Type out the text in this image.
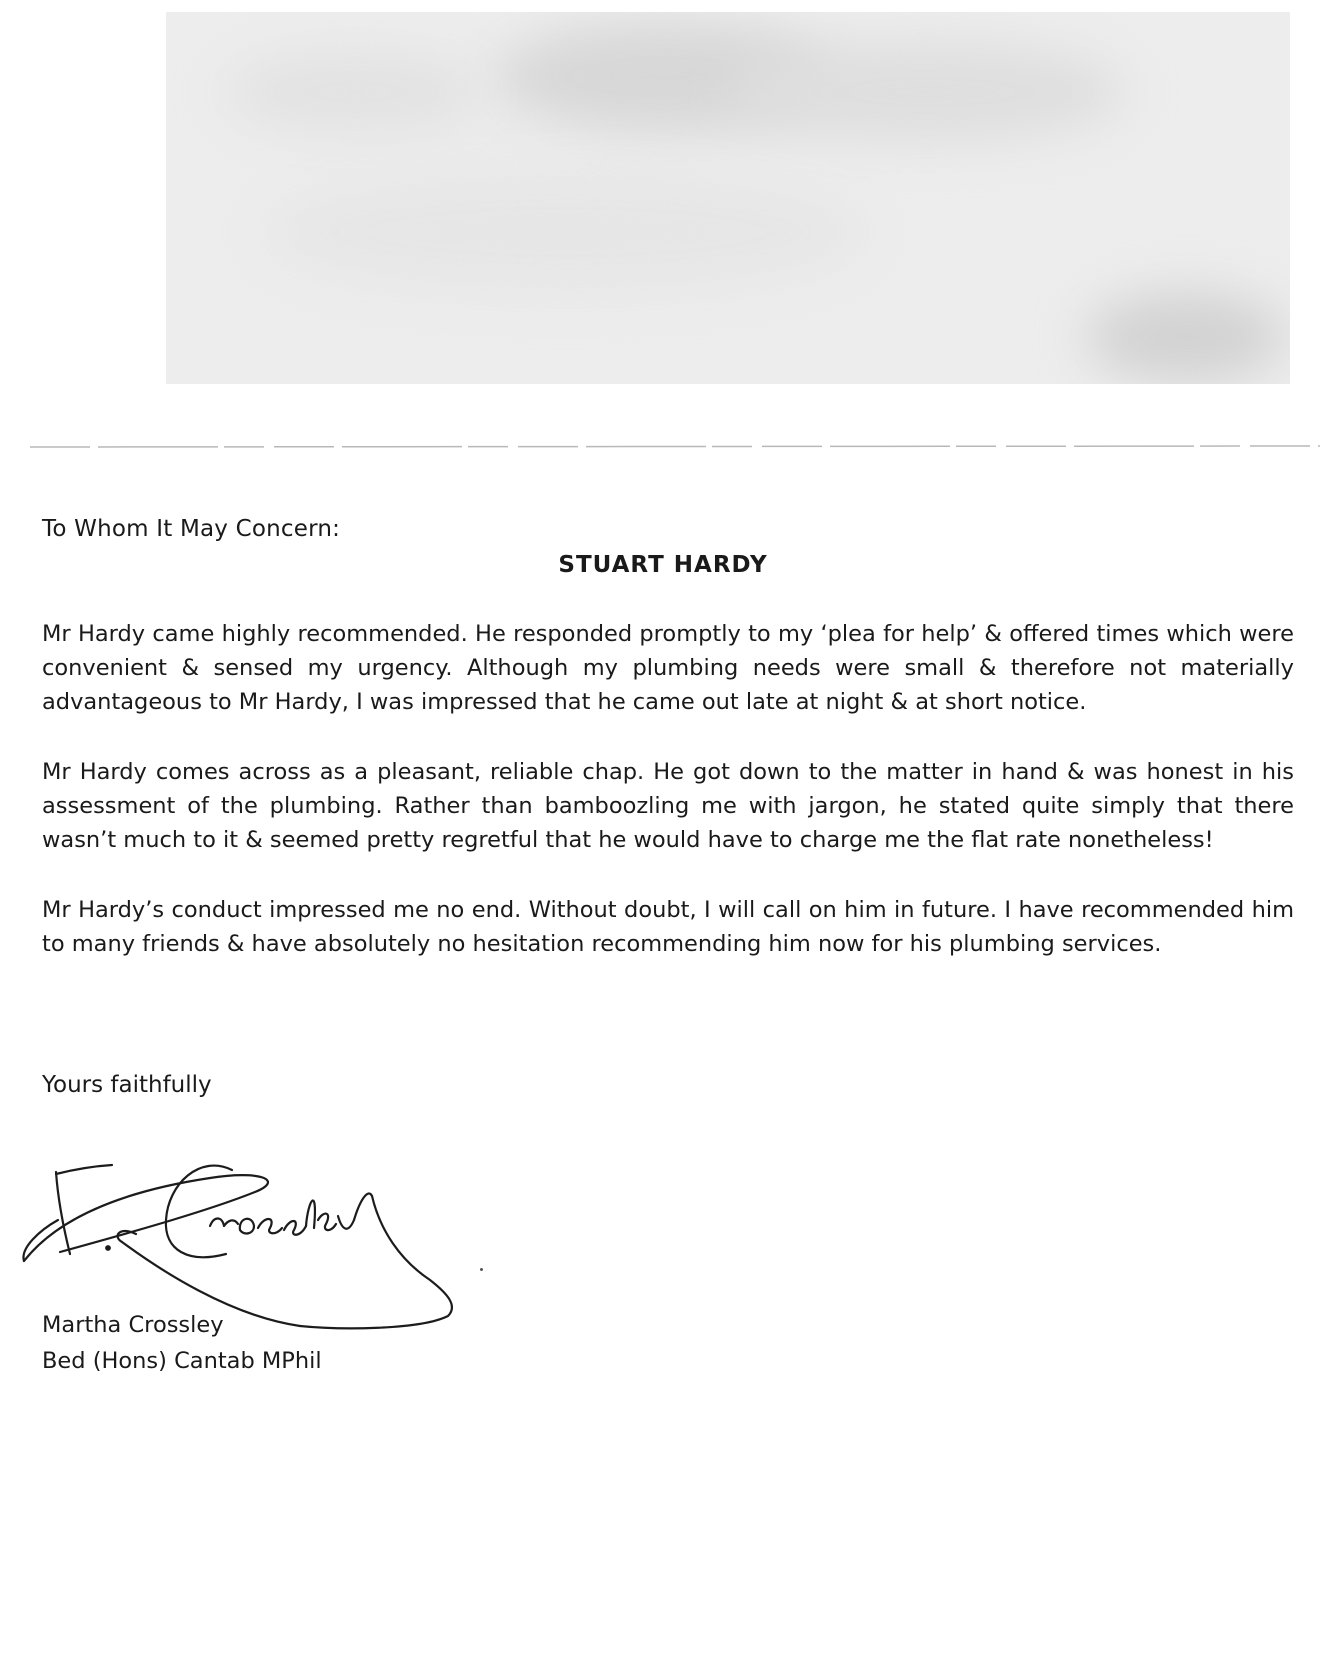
To Whom It May Concern:
STUART HARDY
Mr Hardy came highly recommended. He responded promptly to my ‘plea for help’ & offered times which were convenient & sensed my urgency. Although my plumbing needs were small & therefore not materially advantageous to Mr Hardy, I was impressed that he came out late at night & at short notice.
Mr Hardy comes across as a pleasant, reliable chap. He got down to the matter in hand & was honest in his assessment of the plumbing. Rather than bamboozling me with jargon, he stated quite simply that there wasn’t much to it & seemed pretty regretful that he would have to charge me the flat rate nonetheless!
Mr Hardy’s conduct impressed me no end. Without doubt, I will call on him in future. I have recommended him to many friends & have absolutely no hesitation recommending him now for his plumbing services.
Yours faithfully
Martha Crossley
Bed (Hons) Cantab MPhil
